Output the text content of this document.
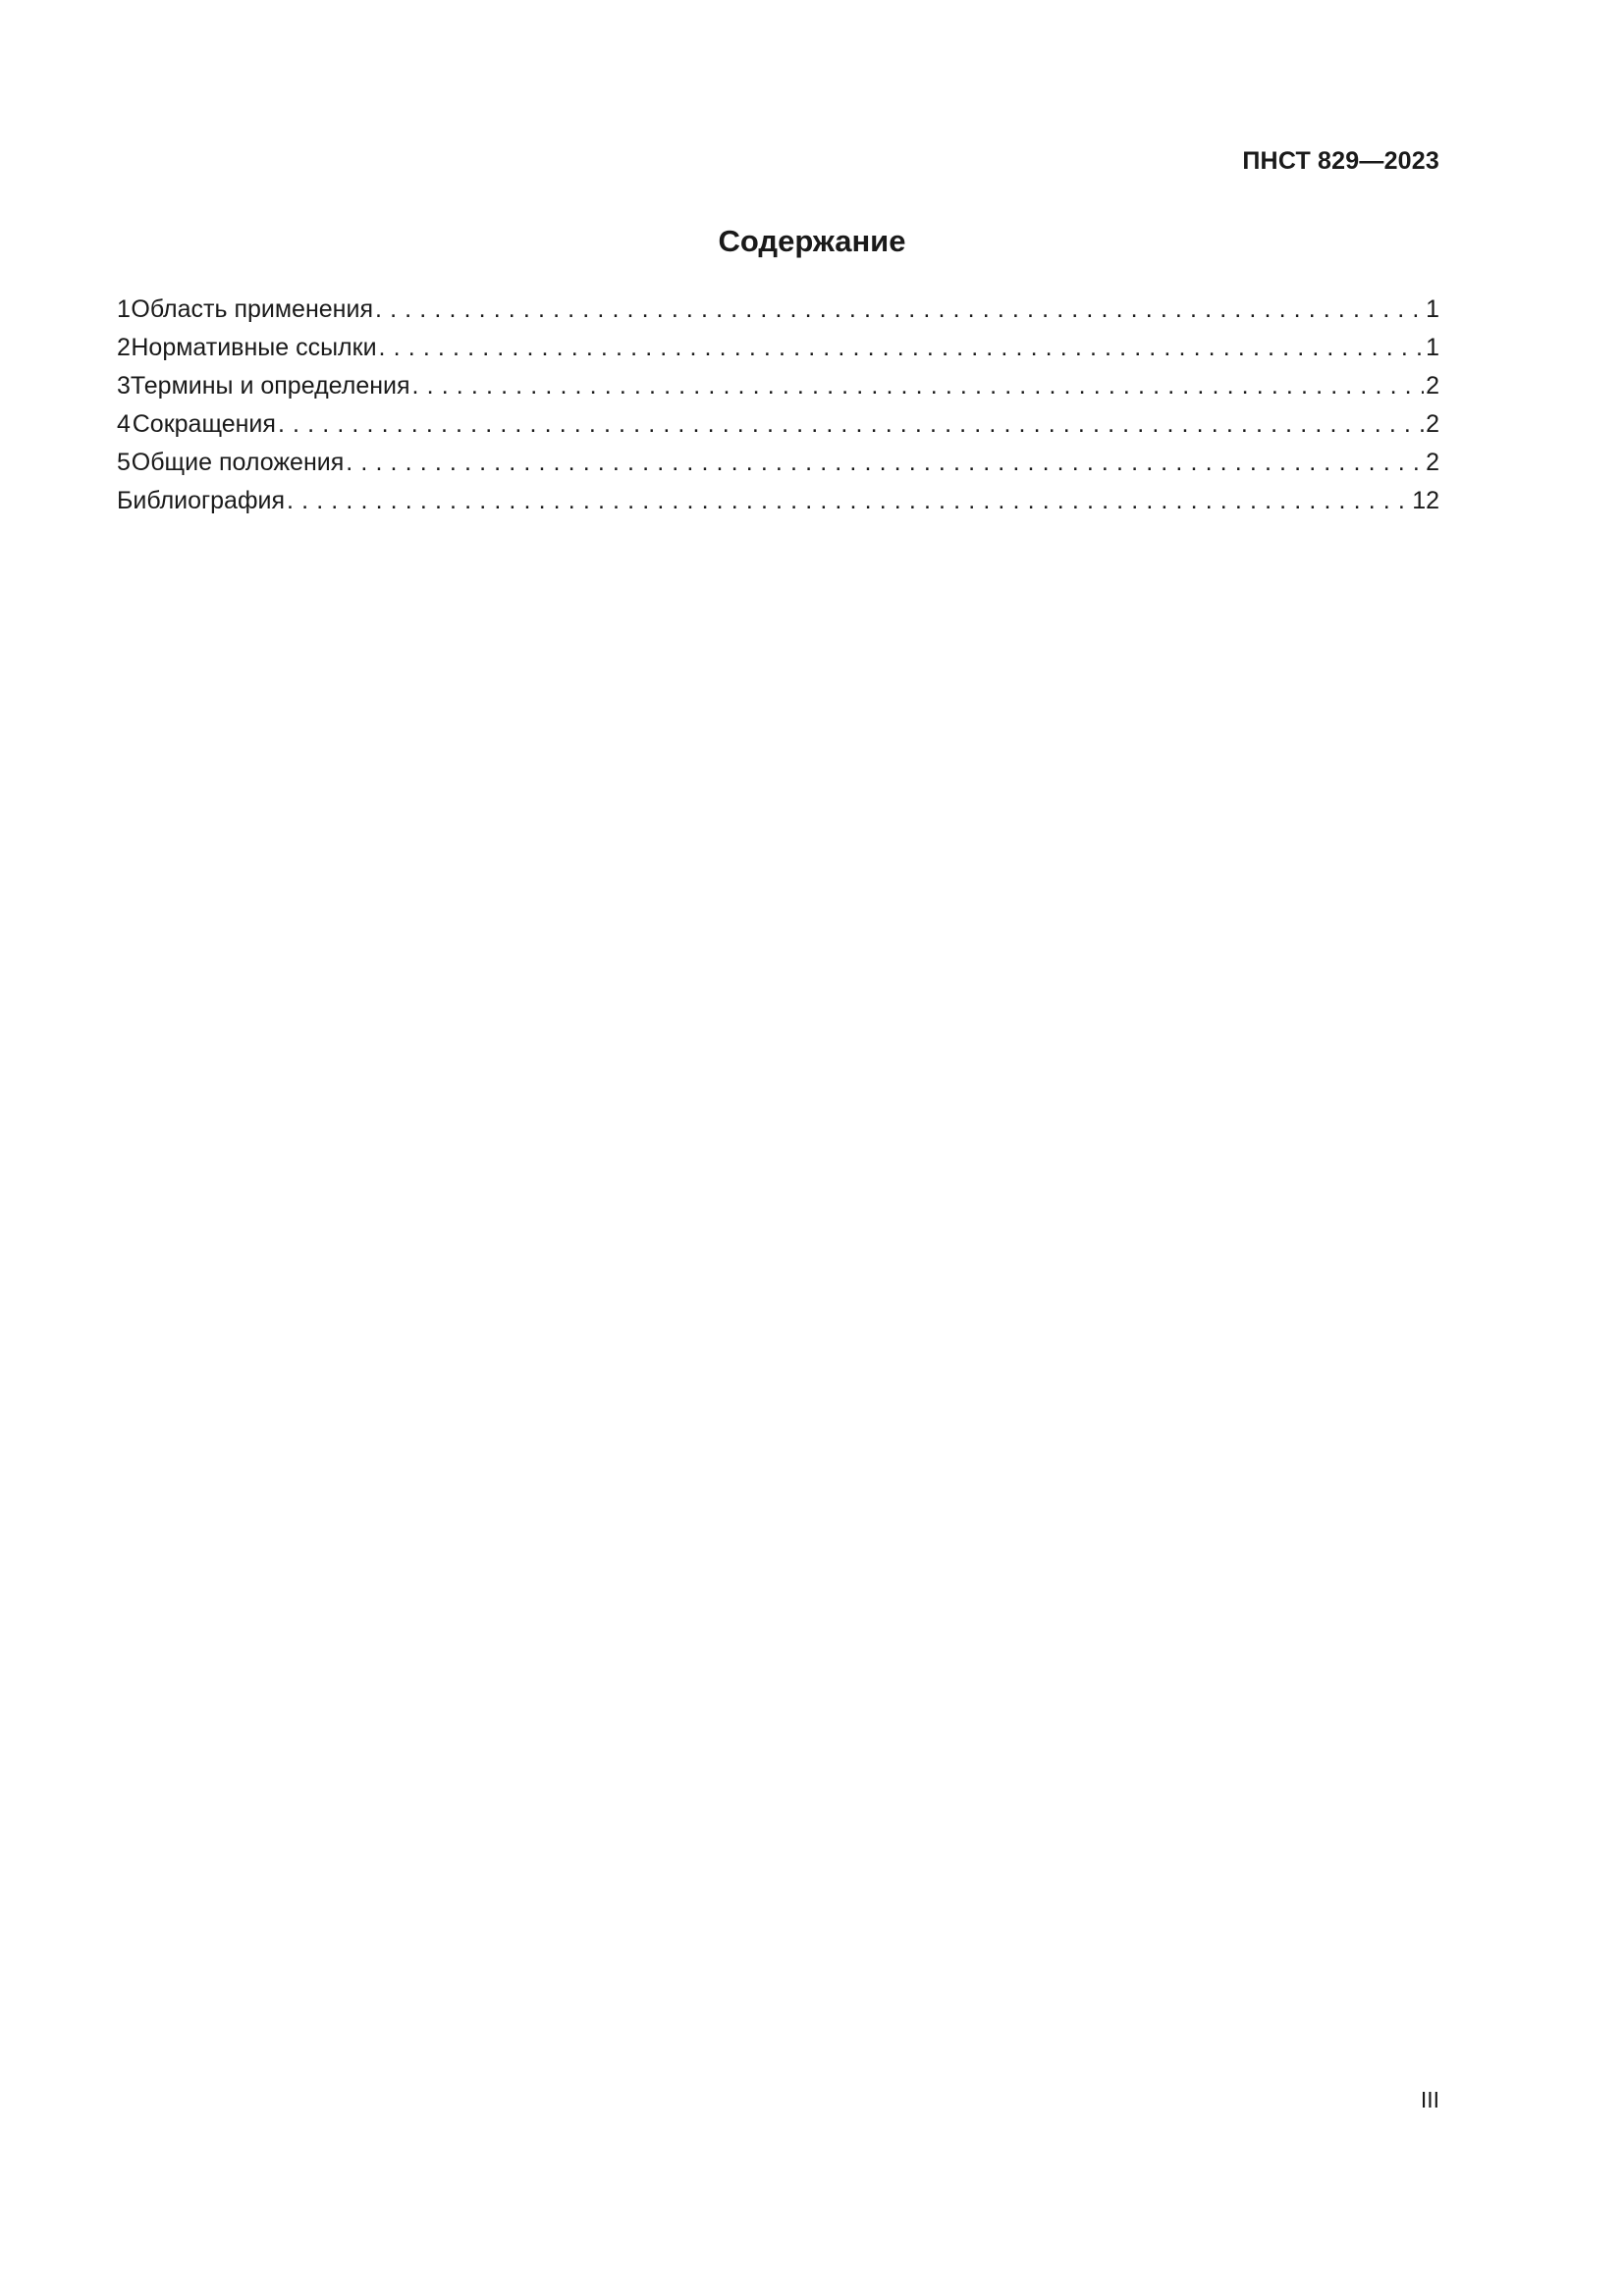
ПНСТ 829—2023
Содержание
1 Область применения . . .	1
2 Нормативные ссылки . . .	1
3 Термины и определения . . .	2
4 Сокращения . . .	2
5 Общие положения . . .	2
Библиография . . .	12
III
